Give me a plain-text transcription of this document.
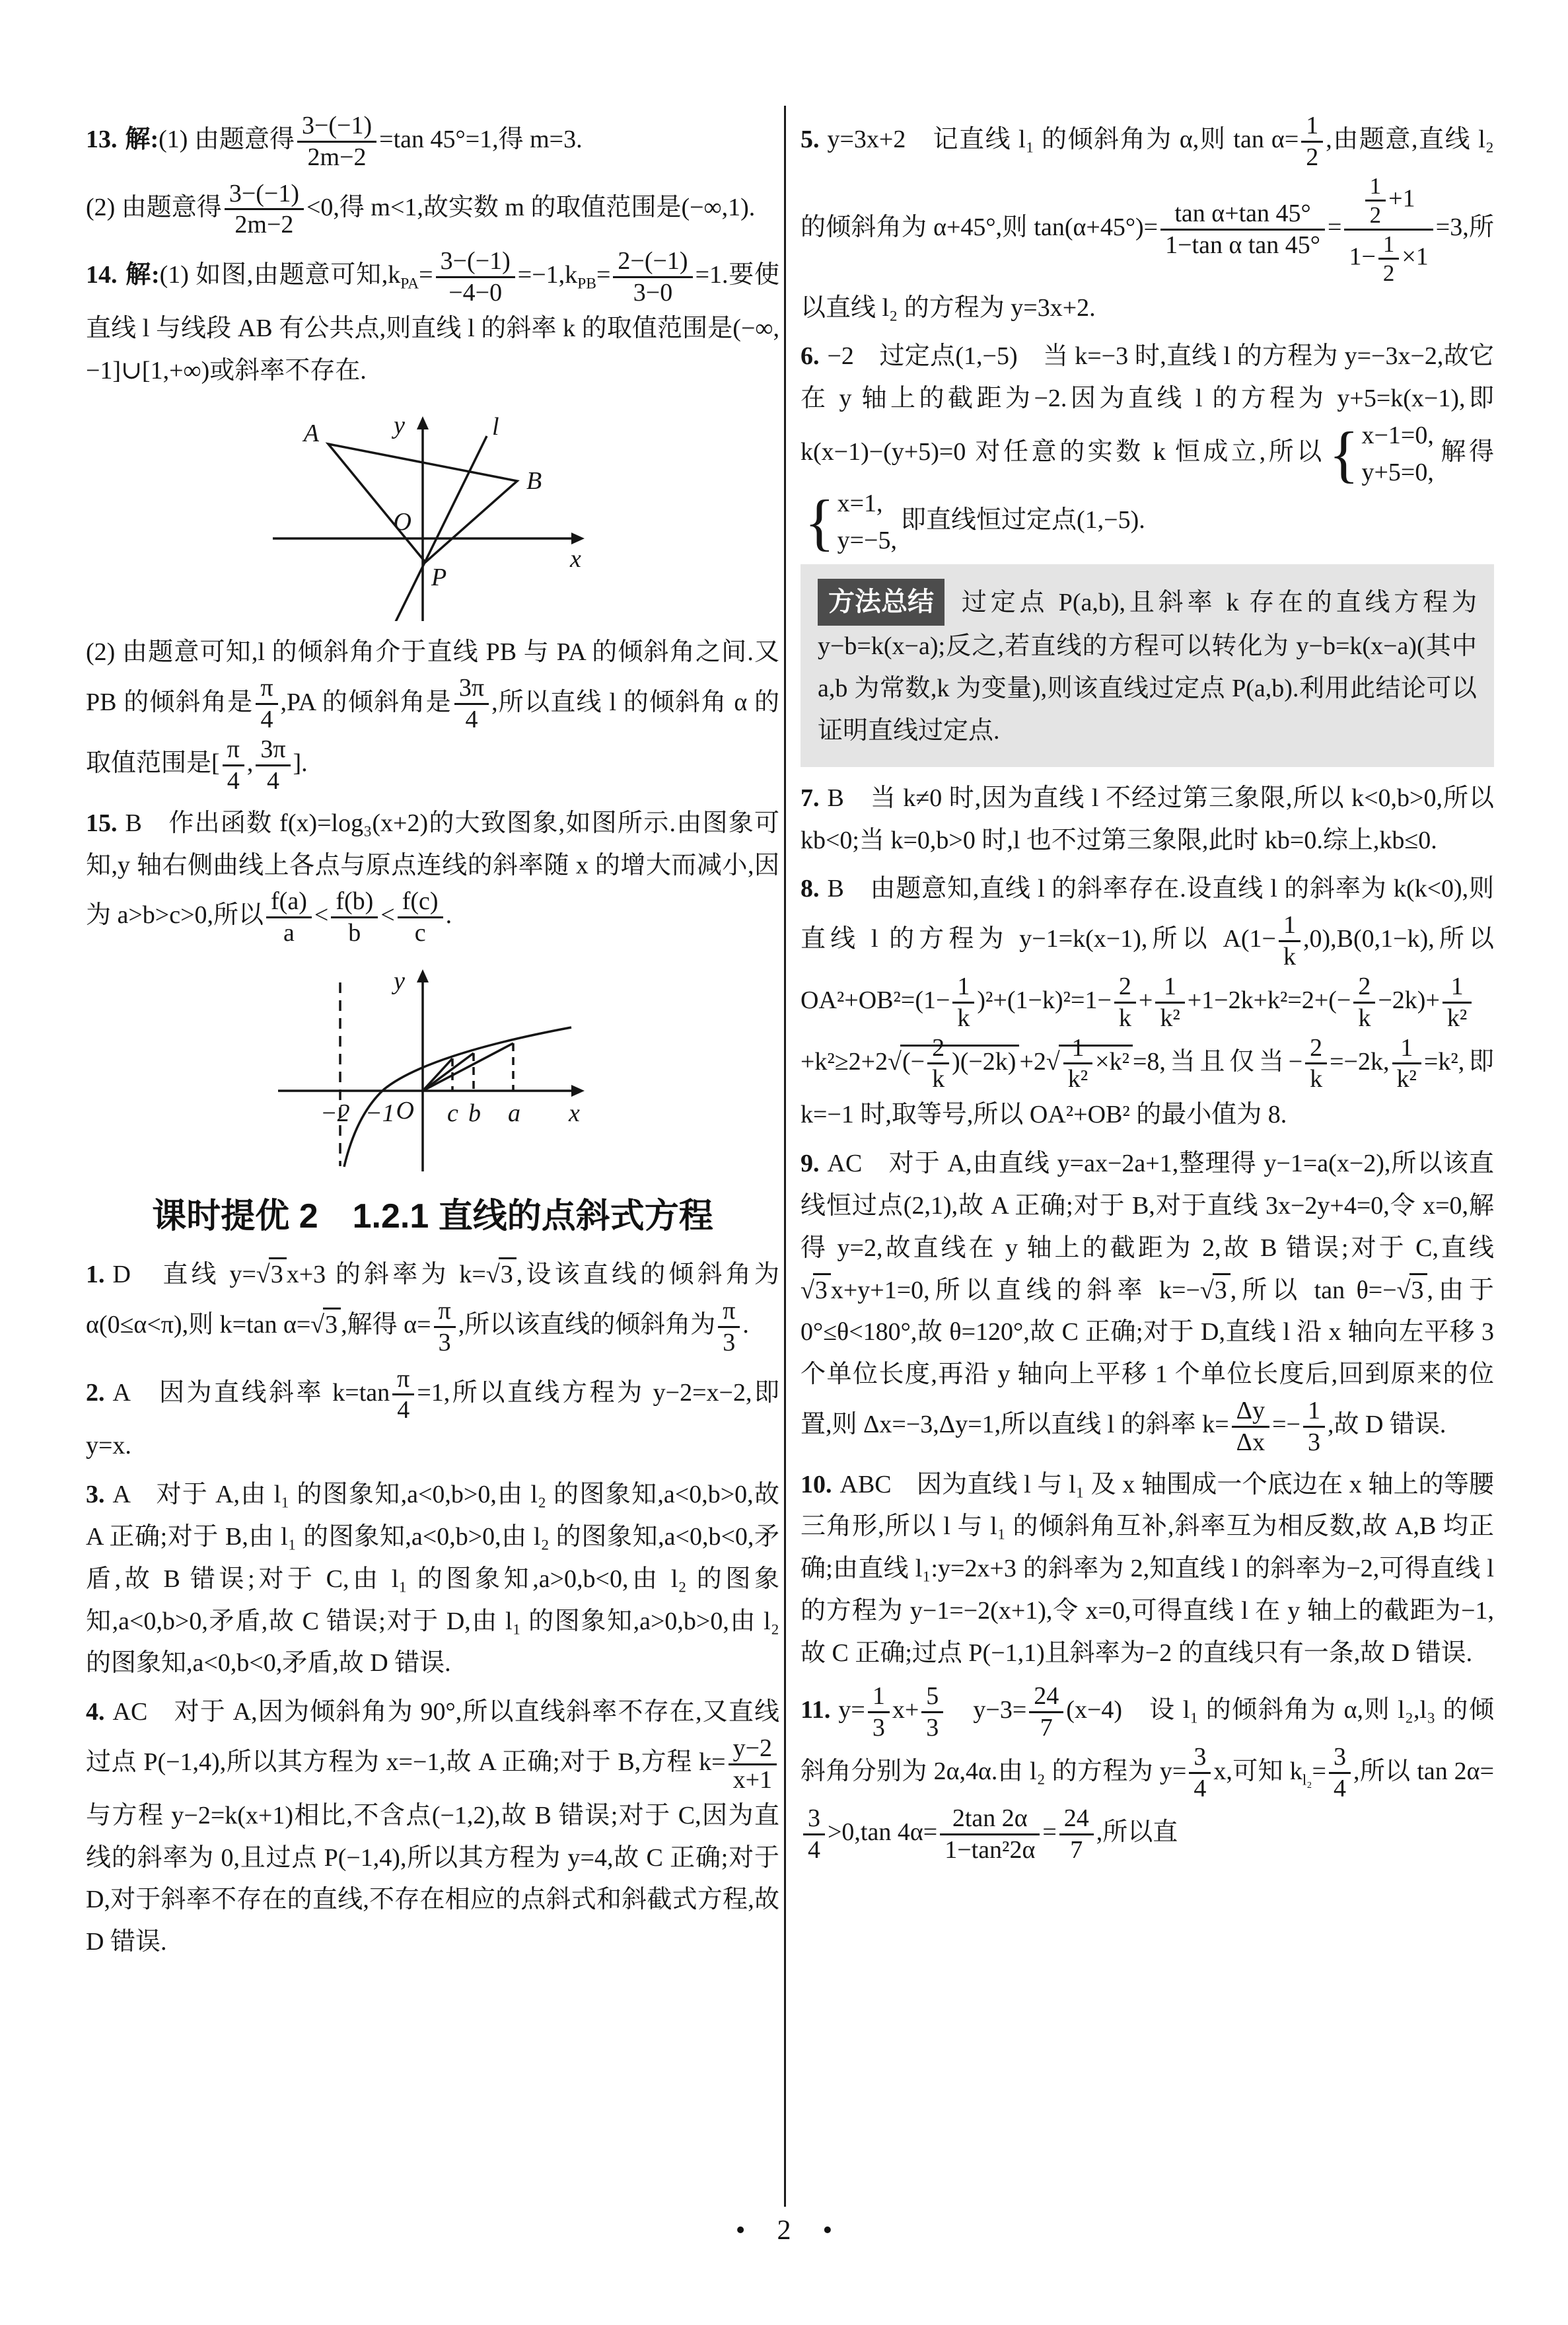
13. 解:(1) 由题意得 $\frac{3-(-1)}{2m-2} =\tan$ 45°=1,得 m=3.

(2) 由题意得 $\frac{3-(-1)}{2m-2} <0$,得 m<1,故实数 m 的取值范围是(−∞,1).

14. 解:(1) 如图,由题意可知$,k_{PA}= \frac{3-(-1)}{-4-0} =-1,k_{PB}= \frac{2-(-1)}{3-0} =1$.要使直线 l 与线段 AB 有公共点,则直线 l 的斜率 k 的取值范围是(−∞,−1]∪[1,+∞)或斜率不存在.

y	l
A
B
O
x
P

(2) 由题意可知,l 的倾斜角介于直线 PB 与 PA 的倾斜角之间.又 PB 的倾斜角是 $\frac{\pi}{4} ,PA$ 的倾斜角是 $\frac{3\pi}{4}$ ,所以直线 l 的倾斜角 α 的取值范围是[ $\frac{\pi}{4}$ , $\frac{3\pi}{4}$ ].

15. B　作出函数 f(x)=log₃(x+2)的大致图象,如图所示.由图象可知,y 轴右侧曲线上各点与原点连线的斜率随 x 的增大而减小,因为 a>b>c>0,所以 $\frac{f(a)}{a} < \frac{f(b)}{b} < \frac{f(c)}{c}$ .

y
−2 −1 O c b a x
课时提优 2　1.2.1 直线的点斜式方程

1. D　直线 y=√3 x+3 的斜率为 k=√3 ,设该直线的倾斜角为 α(0≤α<π),则 k=tan α=√3 ,解得 $\alpha= \frac{\pi}{3}$ ,所以该直线的倾斜角为 $\frac{\pi}{3}$ .

2. A　因为直线斜率 $k=\tan \frac{\pi}{4} =1$,所以直线方程为 y−2=x−2,即 y=x.

3. A　对于 A,由 l₁ 的图象知,a<0,b>0,由 l₂ 的图象知,a<0,b>0,故 A 正确;对于 B,由 l₁ 的图象知,a<0,b>0,由 l₂ 的图象知,a<0,b<0,矛盾,故 B 错误;对于 C,由 l₁ 的图象知,a>0,b<0,由 l₂ 的图象知,a<0,b>0,矛盾,故 C 错误;对于 D,由 l₁ 的图象知,a>0,b>0,由 l₂ 的图象知,a<0,b<0,矛盾,故 D 错误.

4. AC　对于 A,因为倾斜角为 90°,所以直线斜率不存在,又直线过点 P(−1,4),所以其方程为 x=−1,故 A 正确;对于 B,方程 $k= \frac{y-2}{x+1}$
与方程 y−2=k(x+1)相比,不含点(−1,2),故 B 错误;对于 C,因为直线的斜率为 0,且过点 P(−1,4),所以其方程为 y=4,故 C 正确;对于 D,对于斜率不存在的直线,不存在相应的点斜式和斜截式方程,故 D 错误.

5. y=3x+2　记直线 l₁ 的倾斜角为 α,则 $\tan \alpha= \frac{1}{2}$ ,由题意,直线 l₂ 的倾斜角为 α+45°,则 $\tan(\alpha+45^\circ)= \frac{\text{tan α+tan 45°}}{\text{1−tan α tan 45°}} = \frac{\frac{1}{2} +1}{1- \frac{1}{2} \times 1} =3$,所以直线 l₂ 的方程为 y=3x+2.

6. −2　过定点(1,−5)　当 k=−3 时,直线 l 的方程为 y=−3x−2,故它在 y 轴上的截距为−2.因为直线 l 的方程为 y+5=k(x−1),即 k(x−1)−(y+5)=0 对任意的实数 k 恒成立,所以 { x−1=0,
y+5=0,
解得
{ x=1,
y=−5,
即直线恒过定点(1,−5).

方法总结 过定点 P(a,b),且斜率 k 存在的直线方程为 y−b=k(x−a);反之,若直线的方程可以转化为 y−b=k(x−a)(其中 a,b 为常数,k 为变量),则该直线过定点 P(a,b).利用此结论可以证明直线过定点.

7. B　当 k≠0 时,因为直线 l 不经过第三象限,所以 k<0,b>0,所以 kb<0;当 k=0,b>0 时,l 也不过第三象限,此时 kb=0.综上,kb≤0.

8. B　由题意知,直线 l 的斜率存在.设直线 l 的斜率为 k(k<0),则直线 l 的方程为 y−1=k(x−1),所以 $A(1- \frac{1}{k} ,0),B(0,1-k)$,所以 $OA^2+OB^2=(1- \frac{1}{k} )^2+(1-k)^2=1- \frac{2}{k} + \frac{1}{\text{k²}} +1-2k+k^2=2+(- \frac{2}{k} -2k)+ \frac{1}{\text{k²}}$
$+k^2\ge 2+2√(- \frac{2}{k} )(-2k) +2√ \frac{1}{\text{k²}} \times k^2 =8$,当且仅当− $\frac{2}{k} =-2k$, $\frac{1}{\text{k²}} =k^2$,即 k=−1 时,取等号,所以 OA²+OB² 的最小值为 8.

9. AC　对于 A,由直线 y=ax−2a+1,整理得 y−1=a(x−2),所以该直线恒过点(2,1),故 A 正确;对于 B,对于直线 3x−2y+4=0,令 x=0,解得 y=2,故直线在 y 轴上的截距为 2,故 B 错误;对于 C,直线√3 x+y+1=0,所以直线的斜率 k=−√3 ,所以 tan θ=−√3 ,由于 0°≤θ<180°,故 θ=120°,故 C 正确;对于 D,直线 l 沿 x 轴向左平移 3 个单位长度,再沿 y 轴向上平移 1 个单位长度后,回到原来的位置,则 Δx=−3,Δy=1,所以直线 l 的斜率 $k= \frac{\Delta y}{\Delta x} =- \frac{1}{3}$ ,故 D 错误.

10. ABC　因为直线 l 与 l₁ 及 x 轴围成一个底边在 x 轴上的等腰三角形,所以 l 与 l₁ 的倾斜角互补,斜率互为相反数,故 A,B 均正确;由直线 l₁:y=2x+3 的斜率为 2,知直线 l 的斜率为−2,可得直线 l 的方程为 y−1=−2(x+1),令 x=0,可得直线 l 在 y 轴上的截距为−1,故 C 正确;过点 P(−1,1)且斜率为−2 的直线只有一条,故 D 错误.

11. $y= \frac{1}{3} x+ \frac{5}{3}$ 　$y-3= \frac{24}{7} (x-4)$　设 l₁ 的倾斜角为 α,则 l₂,l₃ 的倾斜角分别为 2α,4α.由 l₂ 的方程为 $y= \frac{3}{4} x$,可知 $k_{l_2}= \frac{3}{4}$ ,所以 tan 2α=
$\frac{3}{4} >0,\tan$ $4\alpha= \frac{2\tan 2\alpha}{\text{1−tan²2α}} = \frac{24}{7}$ ,所以直

• 2 •
